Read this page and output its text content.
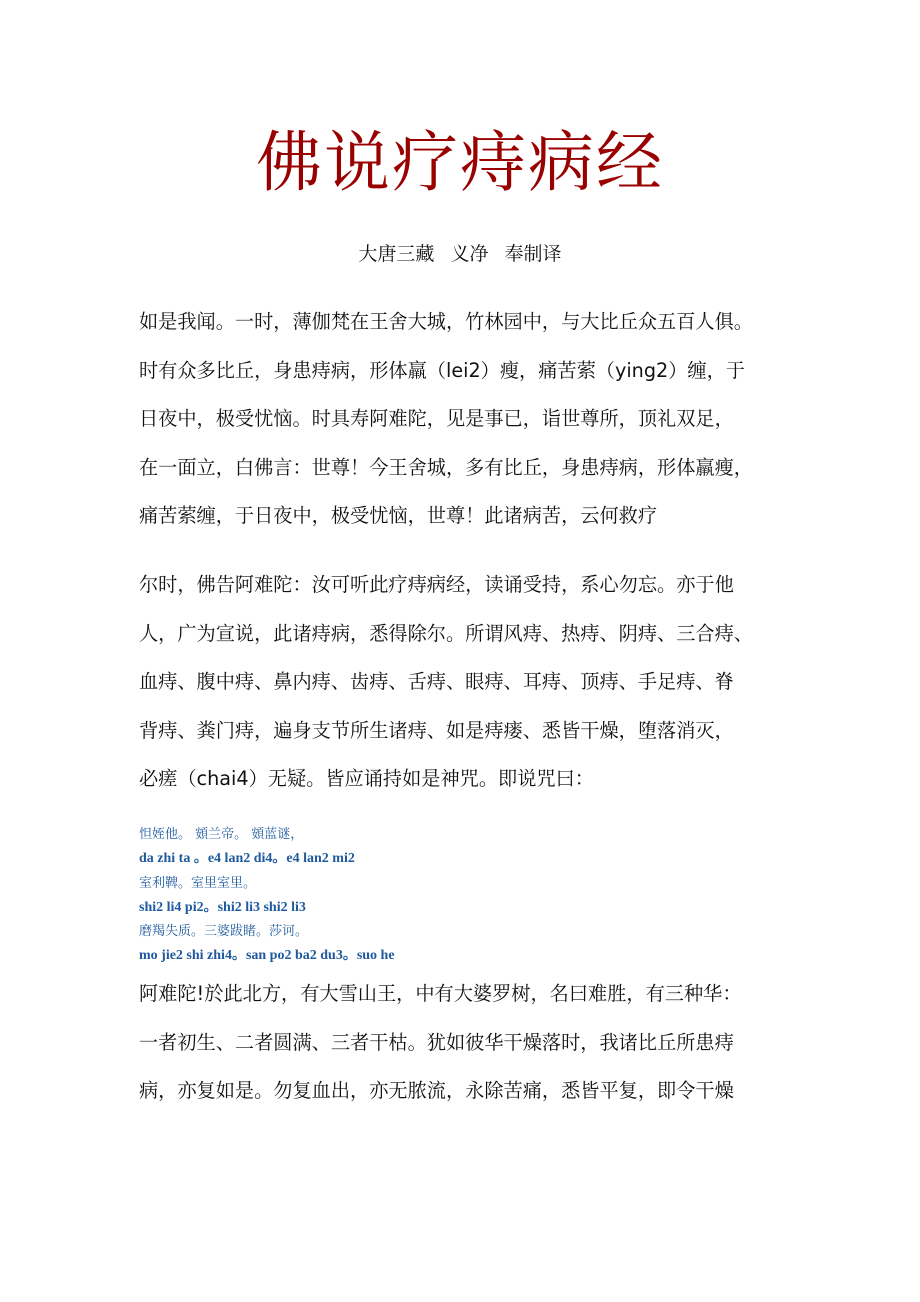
佛说疗痔病经
大唐三藏 义净 奉制译
如是我闻。一时，薄伽梵在王舍大城，竹林园中，与大比丘众五百人俱。
时有众多比丘，身患痔病，形体羸（lei2）瘦，痛苦萦（ying2）缠，于
日夜中，极受忧恼。时具寿阿难陀，见是事已，诣世尊所，顶礼双足，
在一面立，白佛言：世尊！今王舍城，多有比丘，身患痔病，形体羸瘦，
痛苦萦缠，于日夜中，极受忧恼，世尊！此诸病苦，云何救疗
尔时，佛告阿难陀：汝可听此疗痔病经，读诵受持，系心勿忘。亦于他
人，广为宣说，此诸痔病，悉得除尔。所谓风痔、热痔、阴痔、三合痔、
血痔、腹中痔、鼻内痔、齿痔、舌痔、眼痔、耳痔、顶痔、手足痔、脊
背痔、粪门痔，遍身支节所生诸痔、如是痔瘘、悉皆干燥，堕落消灭，
必瘥（chai4）无疑。皆应诵持如是神咒。即说咒曰：
怛姪他。 頞兰帝。 頞蓝谜，
da zhi ta 。e4 lan2 di4。e4 lan2 mi2
室利鞞。室里室里。
shi2 li4 pi2。shi2 li3 shi2 li3
磨羯失质。三婆跋睹。莎诃。
mo jie2 shi zhi4。san po2 ba2 du3。suo he
阿难陀!於此北方，有大雪山王，中有大婆罗树，名曰难胜，有三种华：
一者初生、二者圆满、三者干枯。犹如彼华干燥落时，我诸比丘所患痔
病，亦复如是。勿复血出，亦无脓流，永除苦痛，悉皆平复，即令干燥
